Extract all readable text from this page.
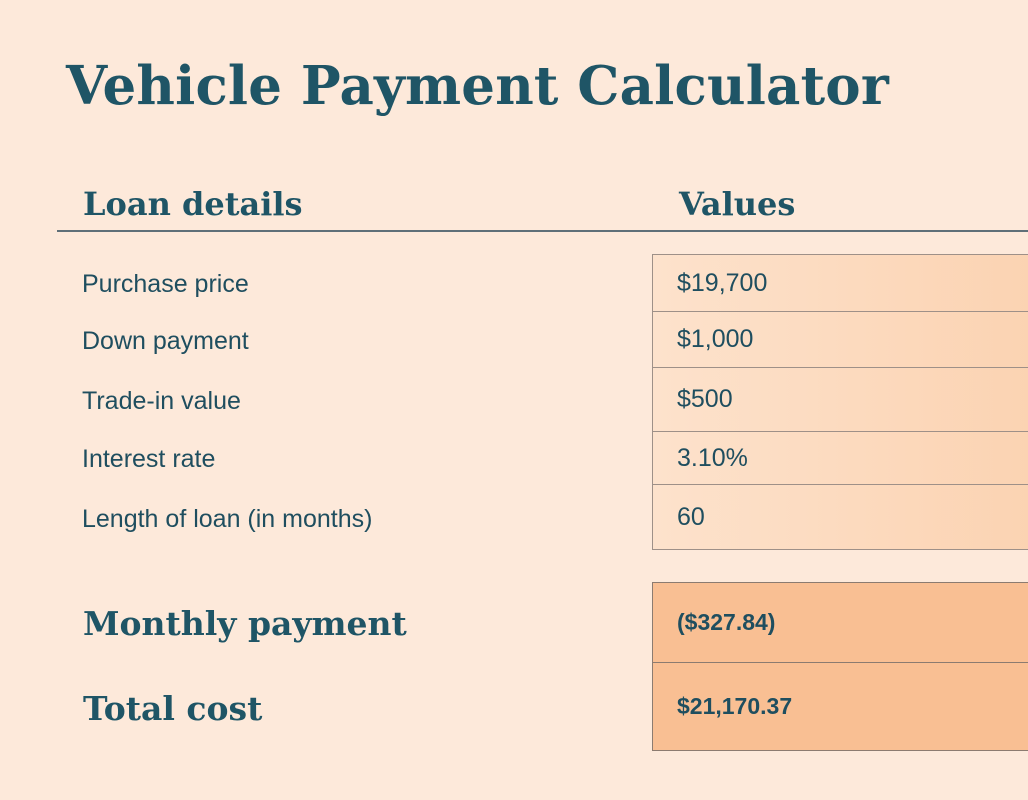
Vehicle Payment Calculator
Loan details	Values
Purchase price	$19,700
Down payment	$1,000
Trade-in value	$500
Interest rate	3.10%
Length of loan (in months)	60
Monthly payment	($327.84)
Total cost	$21,170.37
